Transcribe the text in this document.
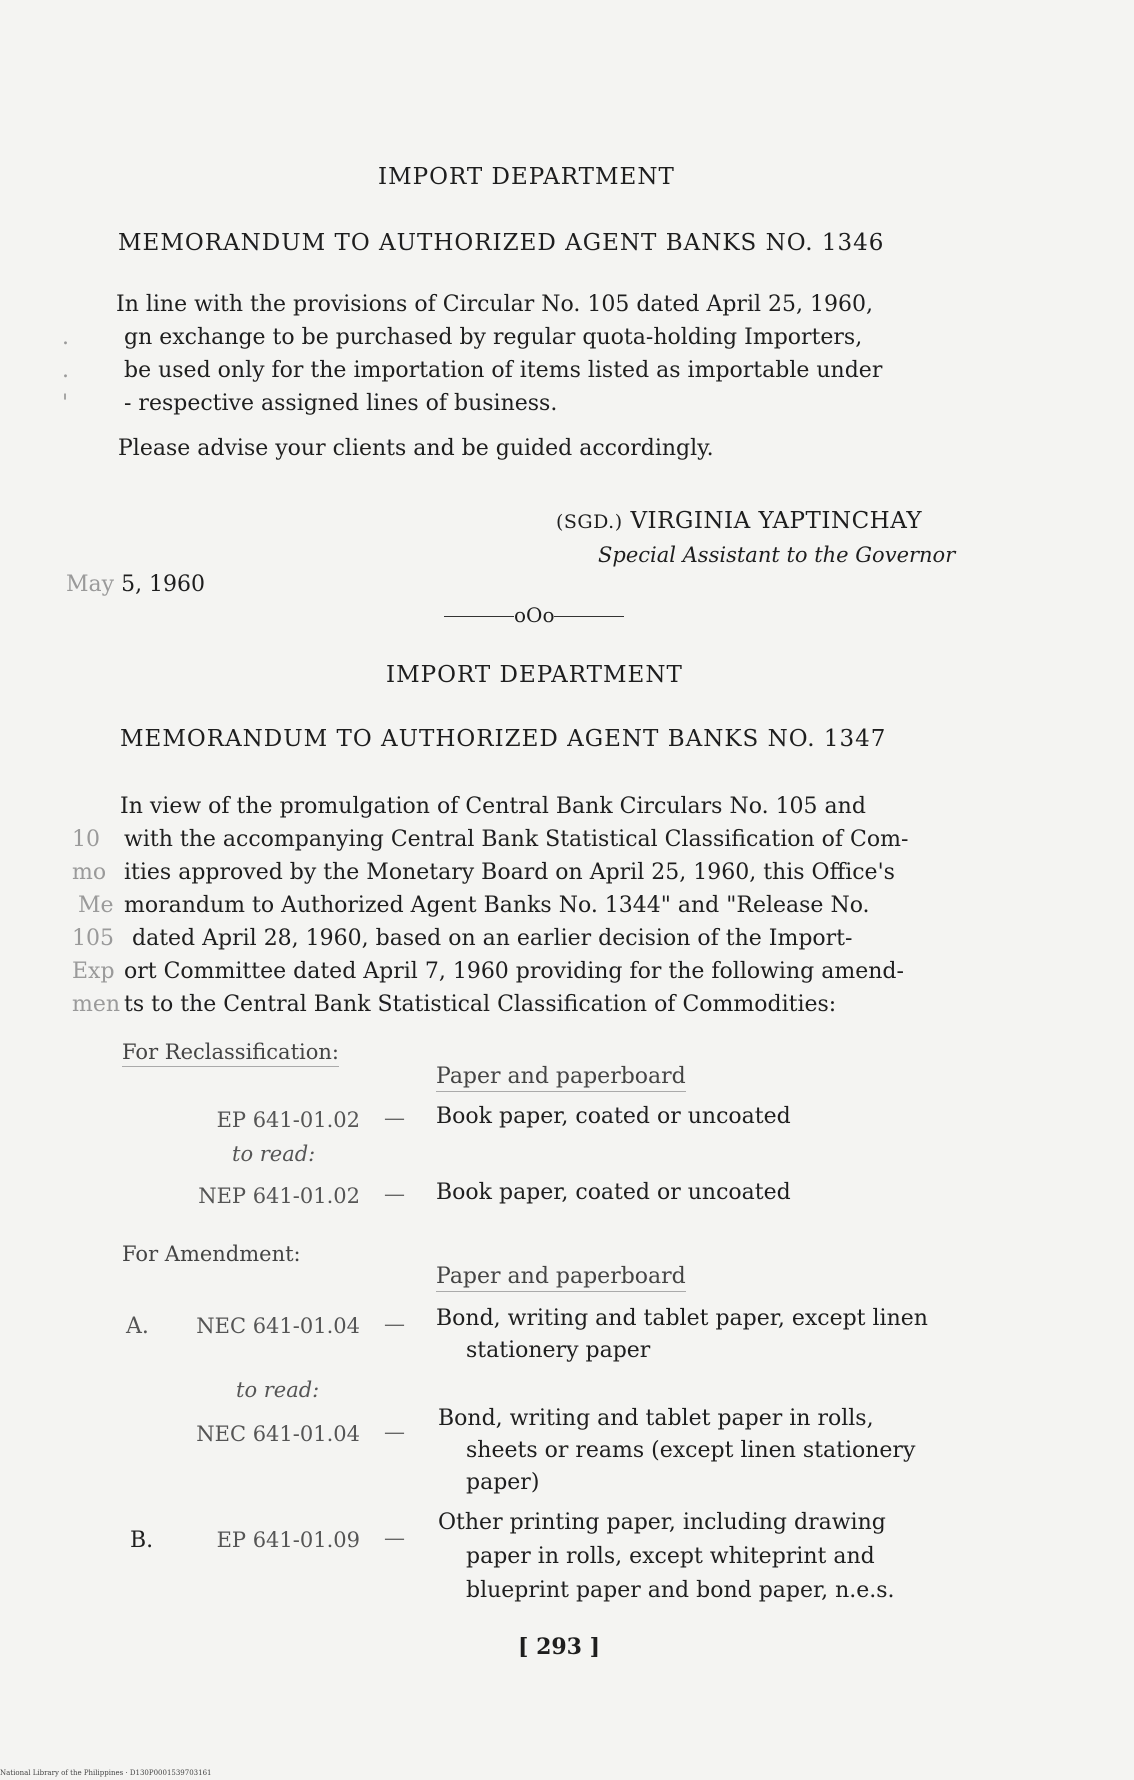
IMPORT DEPARTMENT
MEMORANDUM TO AUTHORIZED AGENT BANKS NO. 1346
In line with the provisions of Circular No. 105 dated April 25, 1960,
.	gn exchange to be purchased by regular quota-holding Importers,
.	be used only for the importation of items listed as importable under
'	- respective assigned lines of business.
Please advise your clients and be guided accordingly.
(SGD.) VIRGINIA YAPTINCHAY
Special Assistant to the Governor
May 5, 1960
oOo
IMPORT DEPARTMENT
MEMORANDUM TO AUTHORIZED AGENT BANKS NO. 1347
In view of the promulgation of Central Bank Circulars No. 105 and
10 with the accompanying Central Bank Statistical Classification of Com-
mo ities approved by the Monetary Board on April 25, 1960, this Office's
Me morandum to Authorized Agent Banks No. 1344" and "Release No.
105 dated April 28, 1960, based on an earlier decision of the Import-
Exp ort Committee dated April 7, 1960 providing for the following amend-
men ts to the Central Bank Statistical Classification of Commodities:
For Reclassification:
Paper and paperboard
EP 641-01.02 — Book paper, coated or uncoated
to read:
NEP 641-01.02 — Book paper, coated or uncoated
For Amendment:
Paper and paperboard
A.	NEC 641-01.04 — Bond, writing and tablet paper, except linen
stationery paper
to read:
NEC 641-01.04 —
Bond, writing and tablet paper in rolls,
sheets or reams (except linen stationery
paper)
B.	EP 641-01.09 —
Other printing paper, including drawing
paper in rolls, except whiteprint and
blueprint paper and bond paper, n.e.s.
[ 293 ]
National Library of the Philippines · D130P0001539703161
